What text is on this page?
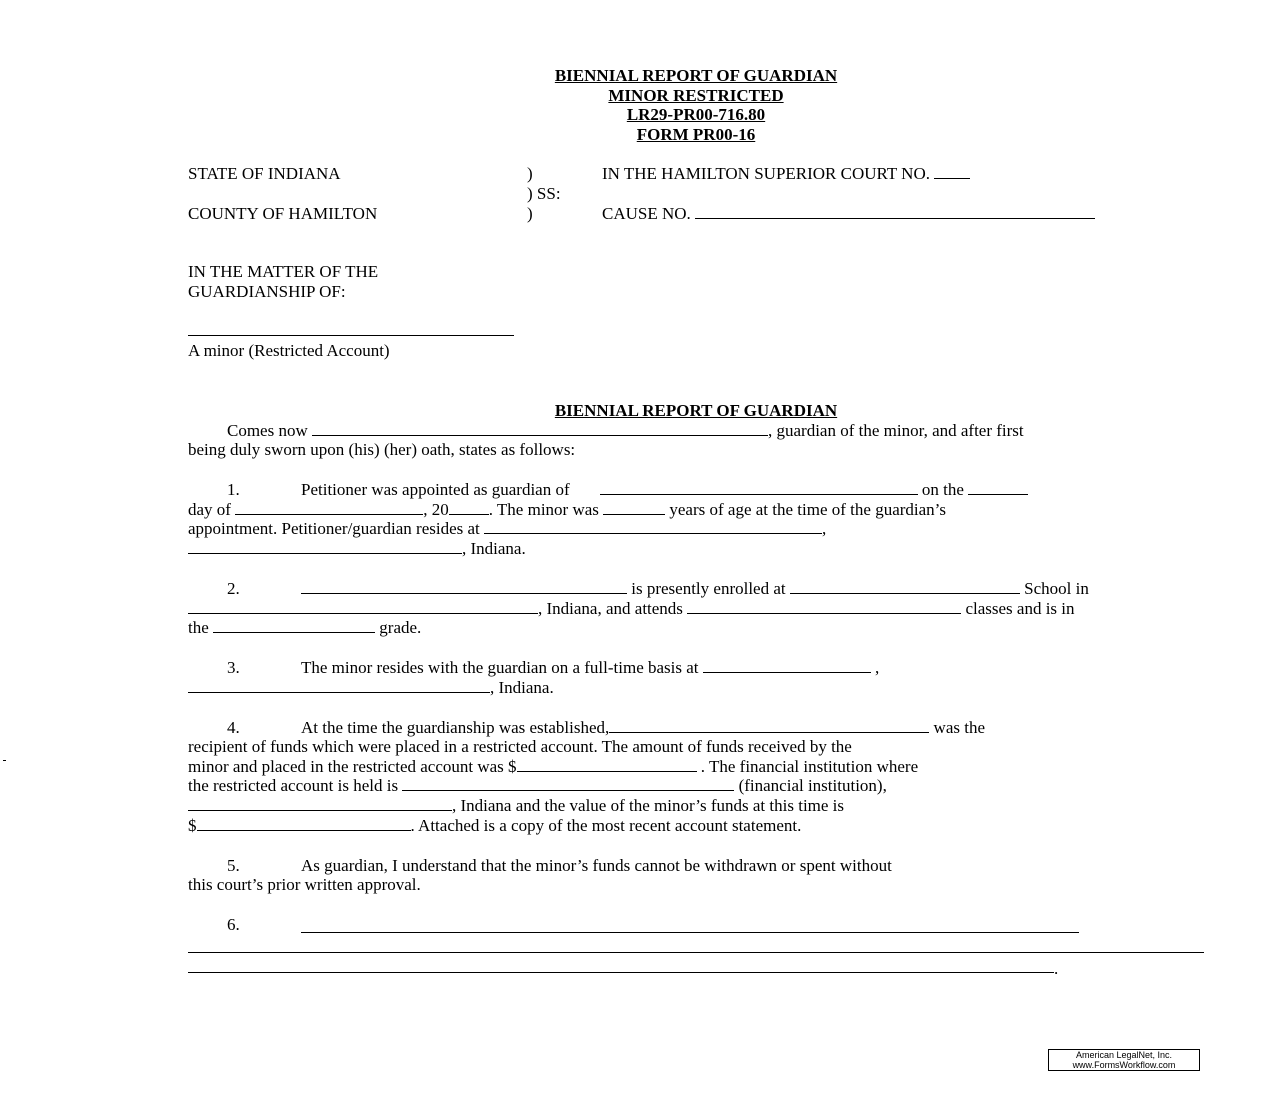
BIENNIAL REPORT OF GUARDIAN
MINOR RESTRICTED
LR29-PR00-716.80
FORM PR00-16
STATE OF INDIANA	)
) SS:
)
COUNTY OF HAMILTON
IN THE HAMILTON SUPERIOR COURT NO.
CAUSE NO.
IN THE MATTER OF THE
GUARDIANSHIP OF:
A minor (Restricted Account)
BIENNIAL REPORT OF GUARDIAN
Comes now	, guardian of the minor, and after first
being duly sworn upon (his) (her) oath, states as follows:
1.	Petitioner was appointed as guardian of	on the
day of	, 20 . The minor was	years of age at the time of the guardian’s
appointment. Petitioner/guardian resides at	,
, Indiana.
2.	is presently enrolled at	School in
, Indiana, and attends	classes and is in
the	grade.
3.	The minor resides with the guardian on a full-time basis at	,
, Indiana.
4.	At the time the guardianship was established,	was the
recipient of funds which were placed in a restricted account. The amount of funds received by the
minor and placed in the restricted account was $	. The financial institution where
the restricted account is held is	(financial institution),
, Indiana and the value of the minor’s funds at this time is
$	. Attached is a copy of the most recent account statement.
5.	As guardian, I understand that the minor’s funds cannot be withdrawn or spent without
this court’s prior written approval.
6.
.
American LegalNet, Inc.
www.FormsWorkflow.com
